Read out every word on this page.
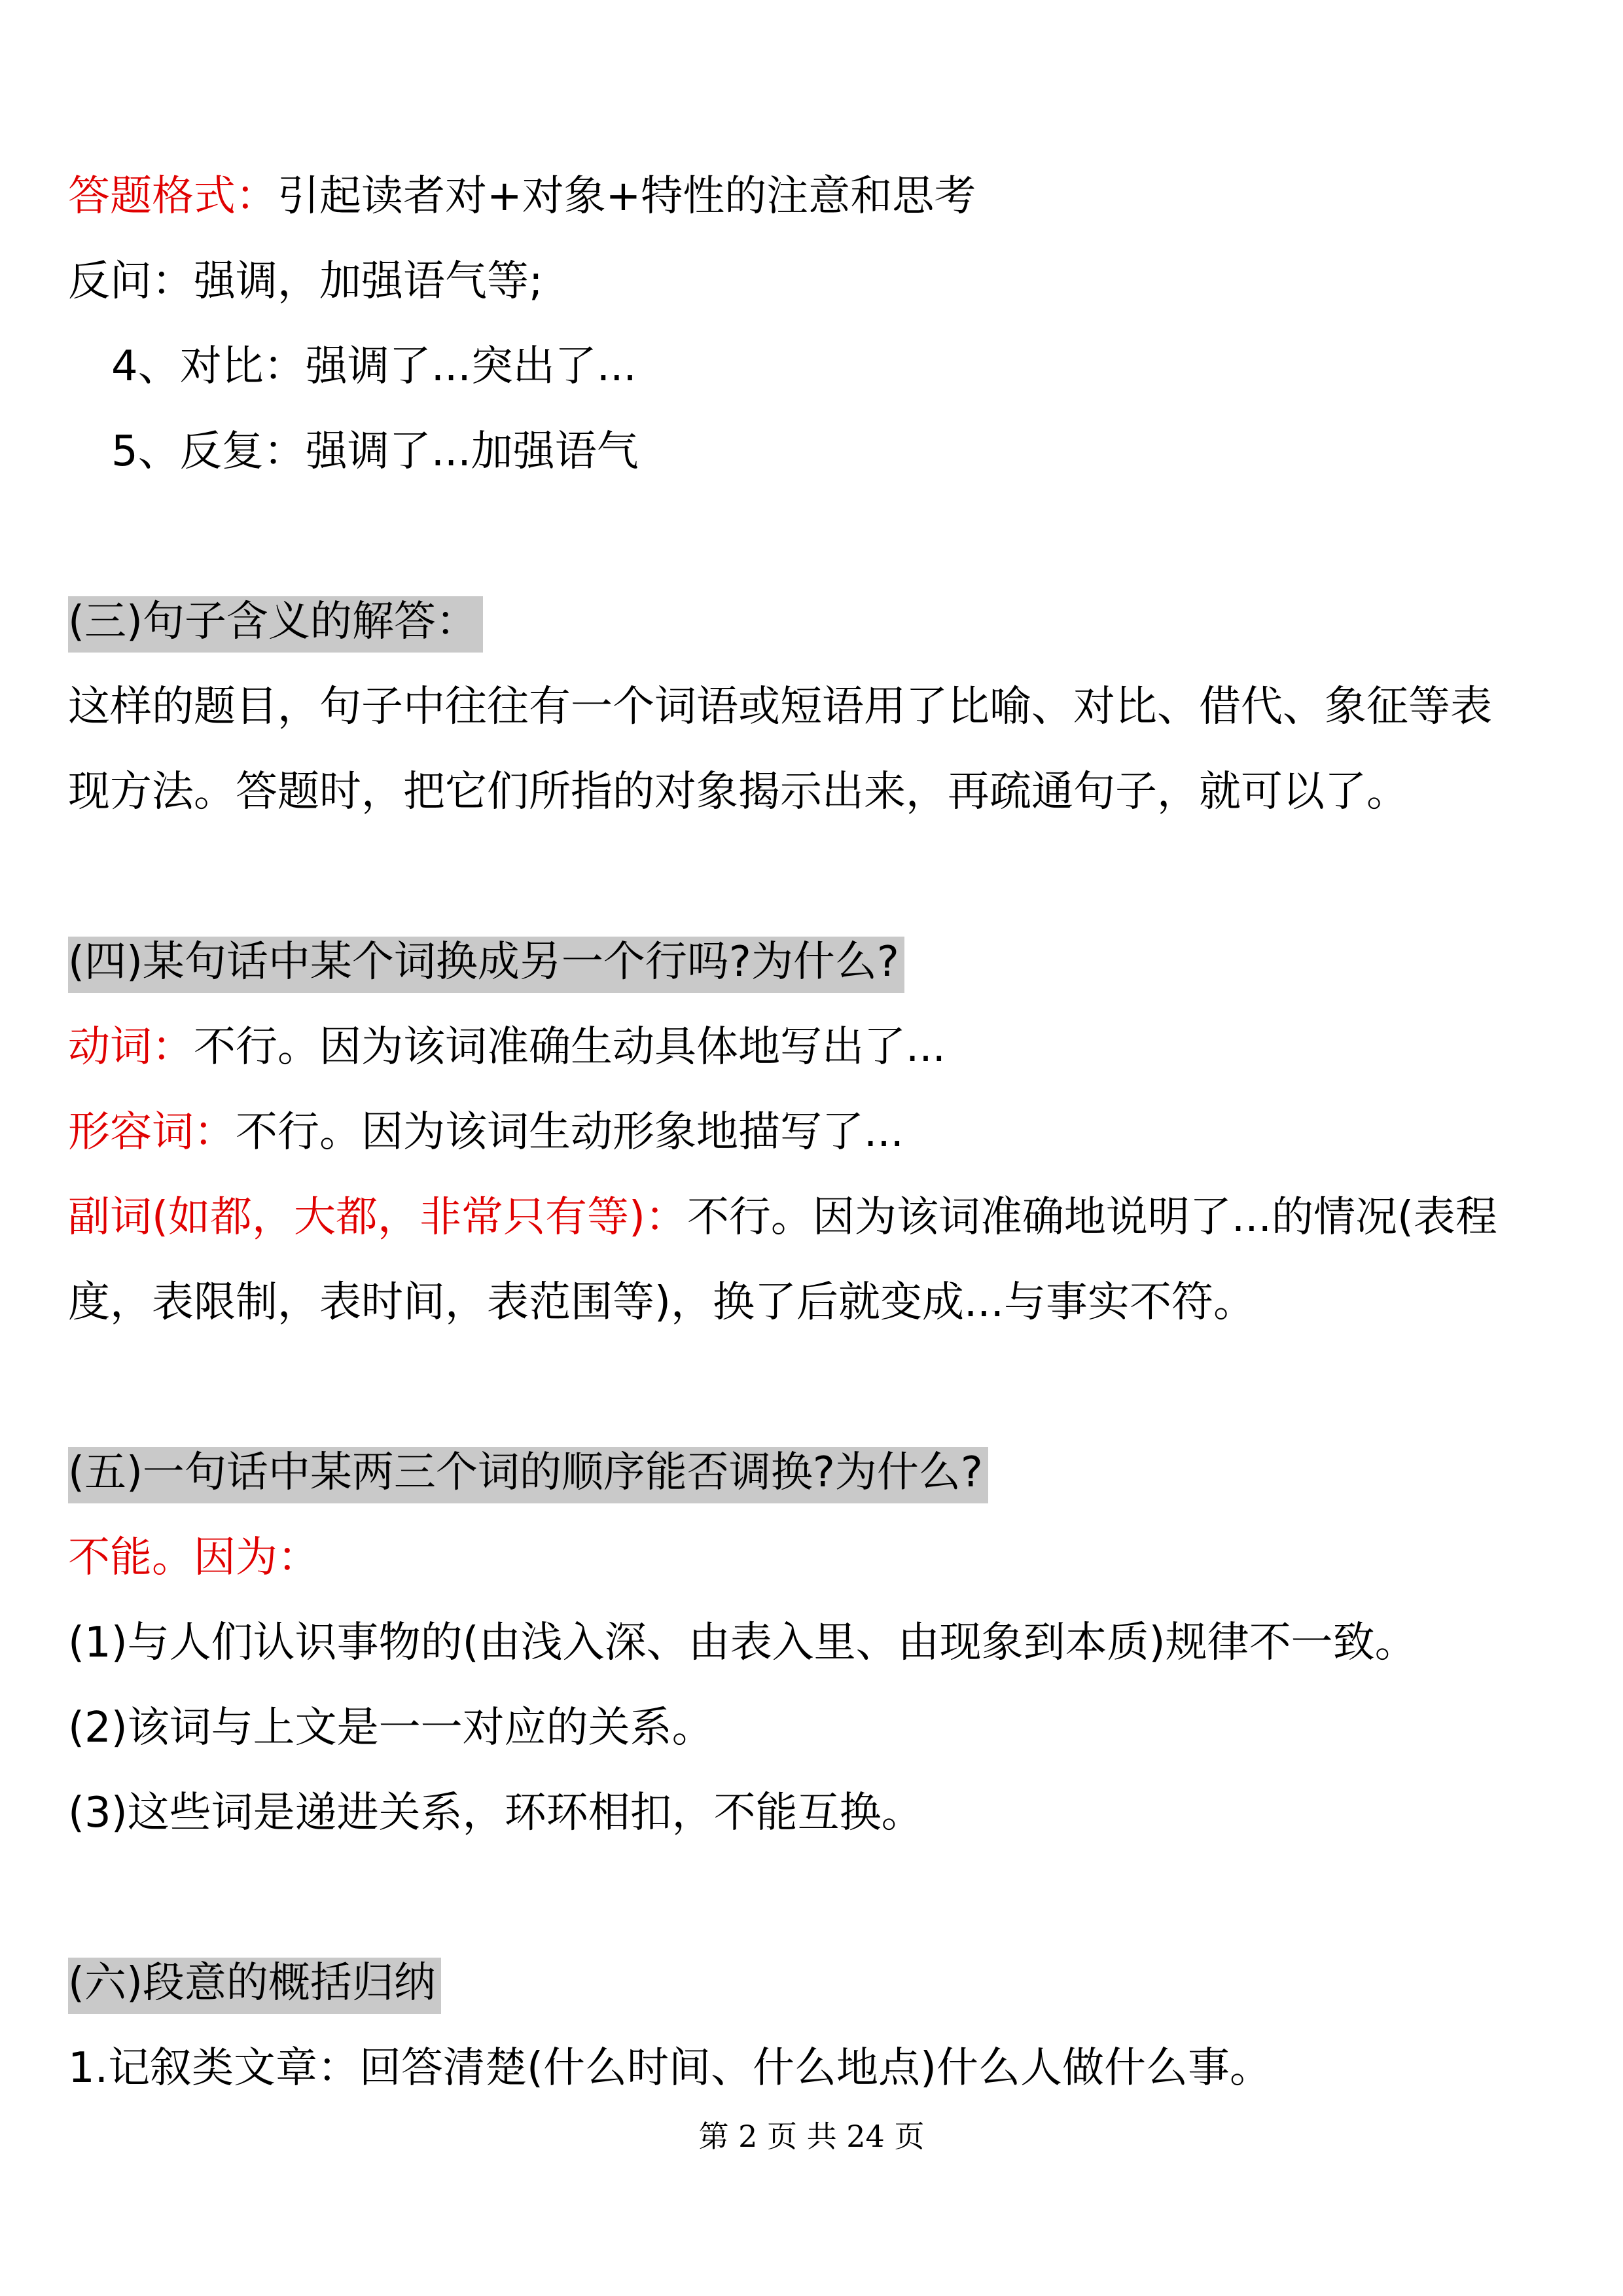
答题格式：引起读者对+对象+特性的注意和思考
反问：强调，加强语气等;
4、对比：强调了...突出了...
5、反复：强调了...加强语气
(三)句子含义的解答：
这样的题目，句子中往往有一个词语或短语用了比喻、对比、借代、象征等表
现方法。答题时，把它们所指的对象揭示出来，再疏通句子，就可以了。
(四)某句话中某个词换成另一个行吗?为什么?
动词：不行。因为该词准确生动具体地写出了...
形容词：不行。因为该词生动形象地描写了...
副词(如都，大都，非常只有等)：不行。因为该词准确地说明了...的情况(表程
度，表限制，表时间，表范围等)，换了后就变成...与事实不符。
(五)一句话中某两三个词的顺序能否调换?为什么?
不能。因为：
(1)与人们认识事物的(由浅入深、由表入里、由现象到本质)规律不一致。
(2)该词与上文是一一对应的关系。
(3)这些词是递进关系，环环相扣，不能互换。
(六)段意的概括归纳
1.记叙类文章：回答清楚(什么时间、什么地点)什么人做什么事。
第 2 页 共 24 页
